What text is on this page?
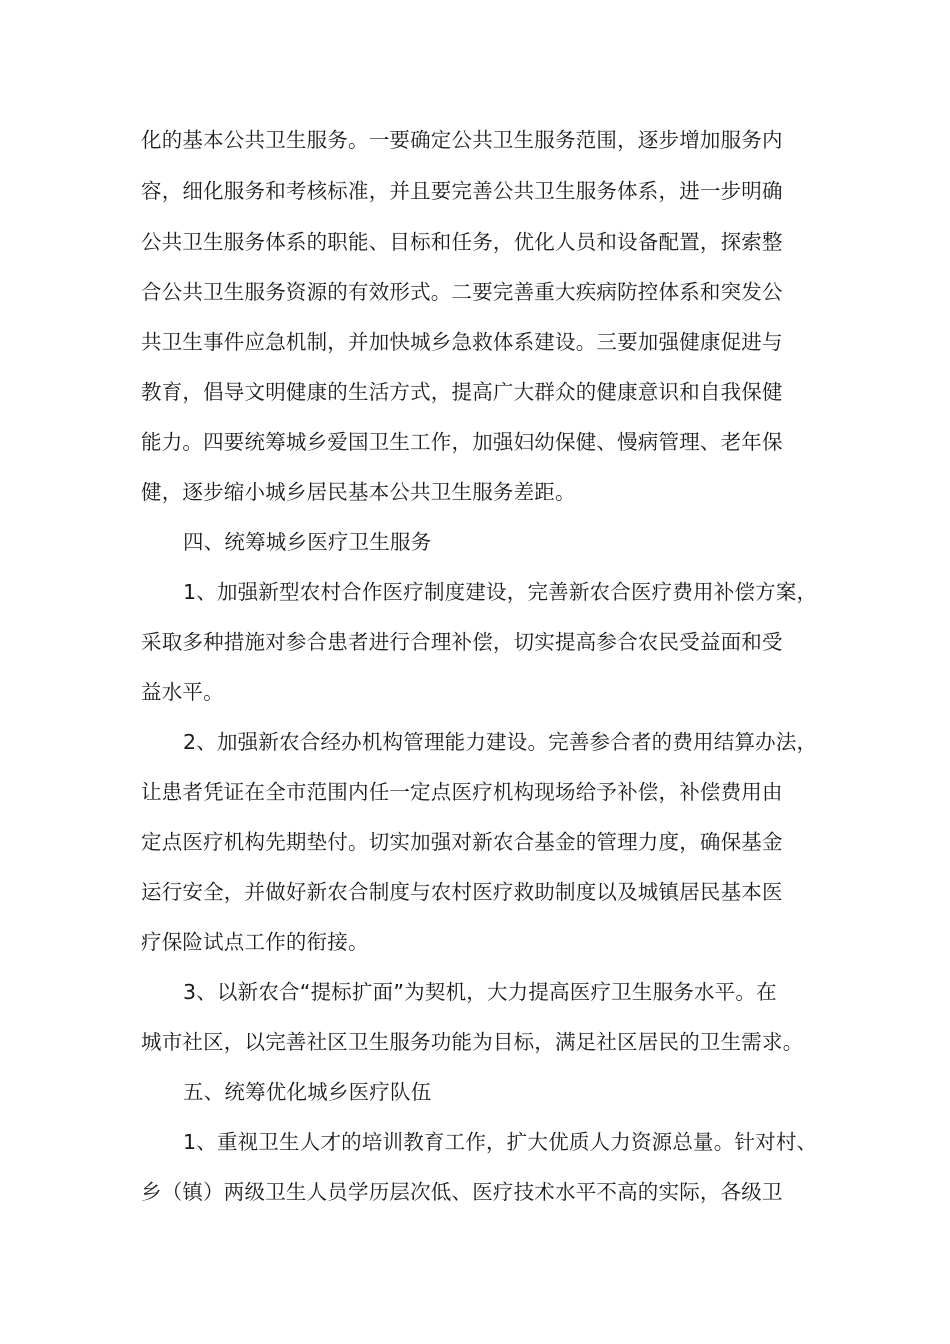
化的基本公共卫生服务。一要确定公共卫生服务范围，逐步增加服务内
容，细化服务和考核标准，并且要完善公共卫生服务体系，进一步明确
公共卫生服务体系的职能、目标和任务，优化人员和设备配置，探索整
合公共卫生服务资源的有效形式。二要完善重大疾病防控体系和突发公
共卫生事件应急机制，并加快城乡急救体系建设。三要加强健康促进与
教育，倡导文明健康的生活方式，提高广大群众的健康意识和自我保健
能力。四要统筹城乡爱国卫生工作，加强妇幼保健、慢病管理、老年保
健，逐步缩小城乡居民基本公共卫生服务差距。
四、统筹城乡医疗卫生服务
1、加强新型农村合作医疗制度建设，完善新农合医疗费用补偿方案，
采取多种措施对参合患者进行合理补偿，切实提高参合农民受益面和受
益水平。
2、加强新农合经办机构管理能力建设。完善参合者的费用结算办法，
让患者凭证在全市范围内任一定点医疗机构现场给予补偿，补偿费用由
定点医疗机构先期垫付。切实加强对新农合基金的管理力度，确保基金
运行安全，并做好新农合制度与农村医疗救助制度以及城镇居民基本医
疗保险试点工作的衔接。
3、以新农合“提标扩面”为契机，大力提高医疗卫生服务水平。在
城市社区，以完善社区卫生服务功能为目标，满足社区居民的卫生需求。
五、统筹优化城乡医疗队伍
1、重视卫生人才的培训教育工作，扩大优质人力资源总量。针对村、
乡（镇）两级卫生人员学历层次低、医疗技术水平不高的实际，各级卫
